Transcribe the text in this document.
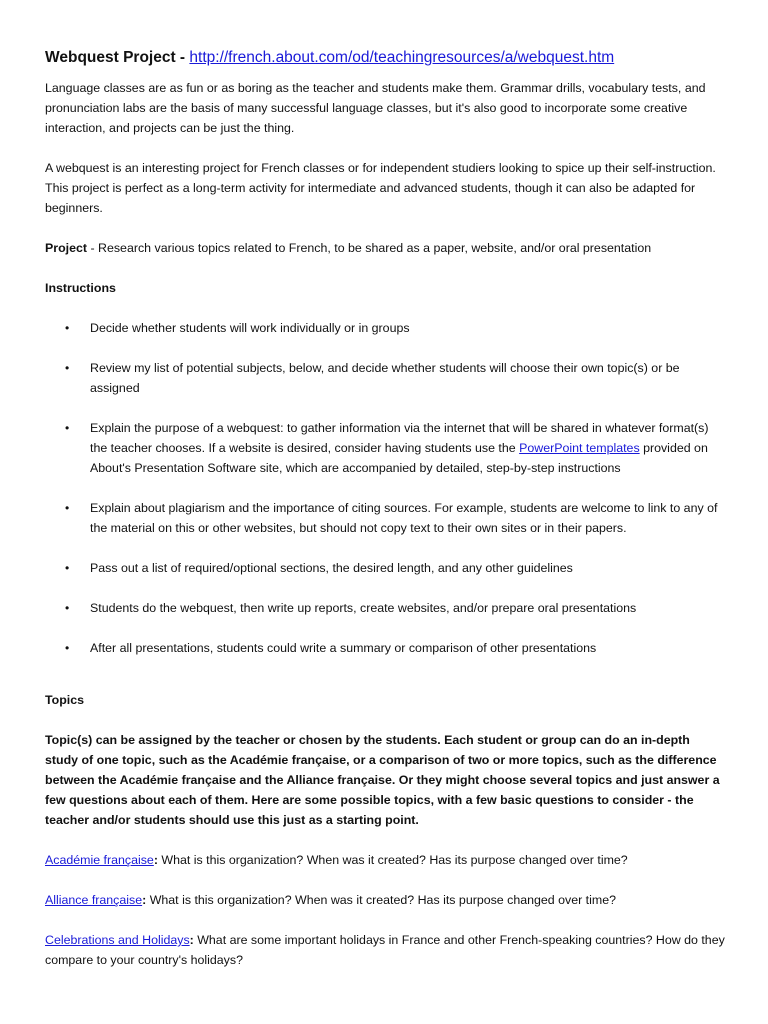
Webquest Project - http://french.about.com/od/teachingresources/a/webquest.htm

Language classes are as fun or as boring as the teacher and students make them. Grammar drills, vocabulary tests, and pronunciation labs are the basis of many successful language classes, but it's also good to incorporate some creative interaction, and projects can be just the thing.

A webquest is an interesting project for French classes or for independent studiers looking to spice up their self-instruction. This project is perfect as a long-term activity for intermediate and advanced students, though it can also be adapted for beginners.

Project - Research various topics related to French, to be shared as a paper, website, and/or oral presentation

Instructions

• Decide whether students will work individually or in groups
• Review my list of potential subjects, below, and decide whether students will choose their own topic(s) or be assigned
• Explain the purpose of a webquest: to gather information via the internet that will be shared in whatever format(s) the teacher chooses. If a website is desired, consider having students use the PowerPoint templates provided on About's Presentation Software site, which are accompanied by detailed, step-by-step instructions
• Explain about plagiarism and the importance of citing sources. For example, students are welcome to link to any of the material on this or other websites, but should not copy text to their own sites or in their papers.
• Pass out a list of required/optional sections, the desired length, and any other guidelines
• Students do the webquest, then write up reports, create websites, and/or prepare oral presentations
• After all presentations, students could write a summary or comparison of other presentations

Topics

Topic(s) can be assigned by the teacher or chosen by the students. Each student or group can do an in-depth study of one topic, such as the Académie française, or a comparison of two or more topics, such as the difference between the Académie française and the Alliance française. Or they might choose several topics and just answer a few questions about each of them. Here are some possible topics, with a few basic questions to consider - the teacher and/or students should use this just as a starting point.

Académie française: What is this organization? When was it created? Has its purpose changed over time?

Alliance française: What is this organization? When was it created? Has its purpose changed over time?

Celebrations and Holidays: What are some important holidays in France and other French-speaking countries? How do they compare to your country's holidays?
